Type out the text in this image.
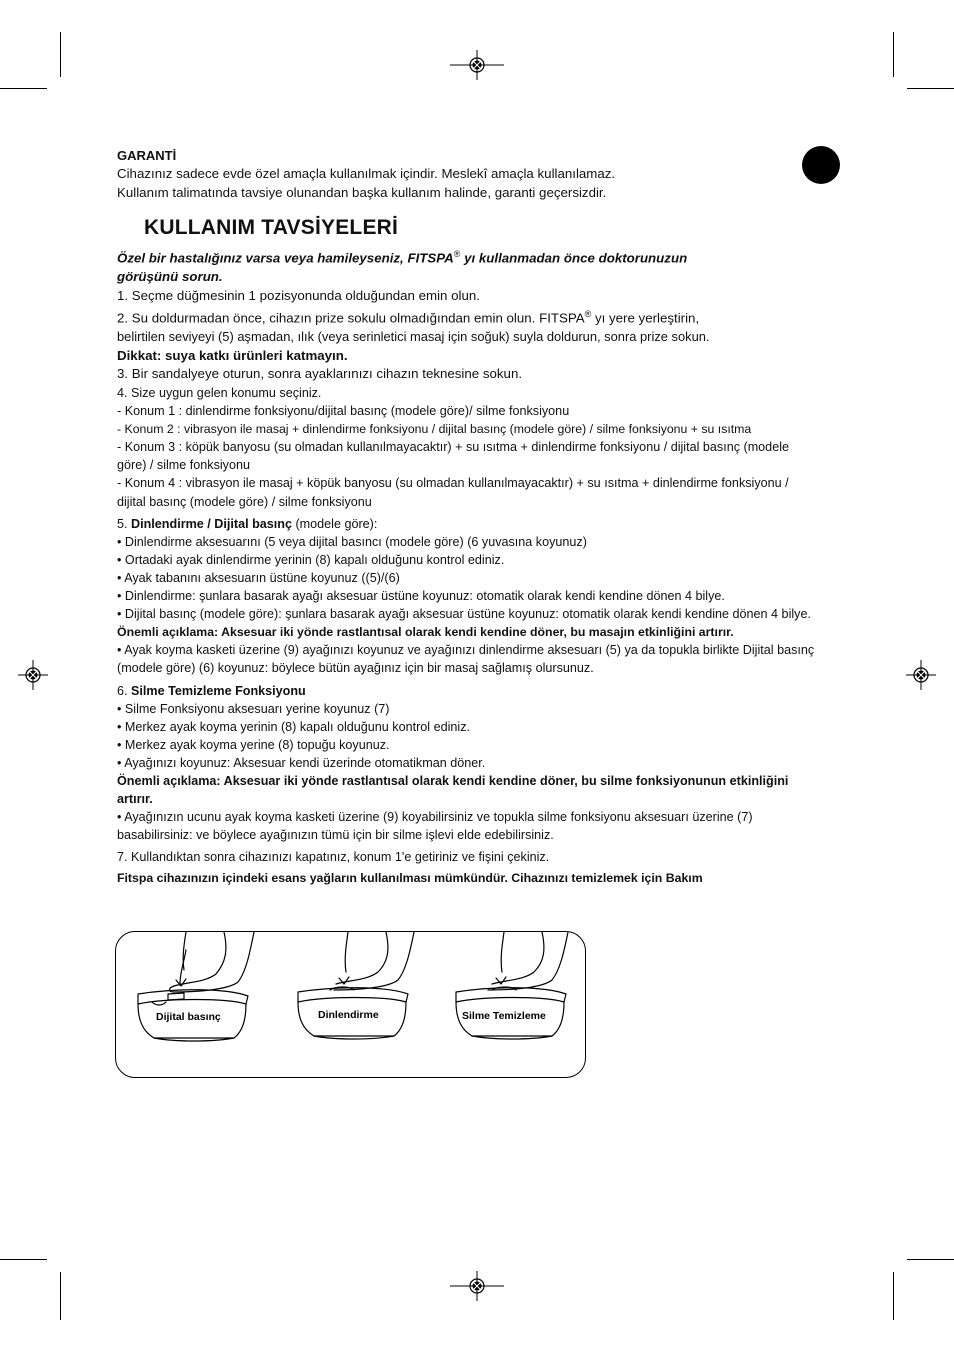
GARANTİ

Cihazınız sadece evde özel amaçla kullanılmak içindir. Meslekî amaçla kullanılamaz.

Kullanım talimatında tavsiye olunandan başka kullanım halinde, garanti geçersizdir.

KULLANIM TAVSİYELERİ

Özel bir hastalığınız varsa veya hamileyseniz, FITSPA® yı kullanmadan önce doktorunuzun

görüşünü sorun.

1. Seçme düğmesinin 1 pozisyonunda olduğundan emin olun.

2. Su doldurmadan önce, cihazın prize sokulu olmadığından emin olun. FITSPA® yı yere yerleştirin,

belirtilen seviyeyi (5) aşmadan, ılık (veya serinletici masaj için soğuk) suyla doldurun, sonra prize sokun.

Dikkat: suya katkı ürünleri katmayın.

3. Bir sandalyeye oturun, sonra ayaklarınızı cihazın teknesine sokun.

4. Size uygun gelen konumu seçiniz.

- Konum 1 : dinlendirme fonksiyonu/dijital basınç (modele göre)/ silme fonksiyonu

- Konum 2 : vibrasyon ile masaj + dinlendirme fonksiyonu / dijital basınç (modele göre) / silme fonksiyonu + su ısıtma

- Konum 3 : köpük banyosu (su olmadan kullanılmayacaktır) + su ısıtma + dinlendirme fonksiyonu / dijital basınç (modele göre) / silme fonksiyonu

- Konum 4 : vibrasyon ile masaj + köpük banyosu (su olmadan kullanılmayacaktır) + su ısıtma + dinlendirme fonksiyonu / dijital basınç (modele göre) / silme fonksiyonu

5. Dinlendirme / Dijital basınç (modele göre):

• Dinlendirme aksesuarını (5 veya dijital basıncı (modele göre) (6 yuvasına koyunuz)

• Ortadaki ayak dinlendirme yerinin (8) kapalı olduğunu kontrol ediniz.

• Ayak tabanını aksesuarın üstüne koyunuz ((5)/(6)

• Dinlendirme: şunlara basarak ayağı aksesuar üstüne koyunuz: otomatik olarak kendi kendine dönen 4 bilye.

• Dijital basınç (modele göre): şunlara basarak ayağı aksesuar üstüne koyunuz: otomatik olarak kendi kendine dönen 4 bilye.

Önemli açıklama: Aksesuar iki yönde rastlantısal olarak kendi kendine döner, bu masajın etkinliğini artırır.

• Ayak koyma kasketi üzerine (9) ayağınızı koyunuz ve ayağınızı dinlendirme aksesuarı (5) ya da topukla birlikte Dijital basınç (modele göre) (6) koyunuz: böylece bütün ayağınız için bir masaj sağlamış olursunuz.

6. Silme Temizleme Fonksiyonu

• Silme Fonksiyonu aksesuarı yerine koyunuz (7)

• Merkez ayak koyma yerinin (8) kapalı olduğunu kontrol ediniz.

• Merkez ayak koyma yerine (8) topuğu koyunuz.

• Ayağınızı koyunuz: Aksesuar kendi üzerinde otomatikman döner.

Önemli açıklama: Aksesuar iki yönde rastlantısal olarak kendi kendine döner, bu silme fonksiyonunun etkinliğini artırır.

• Ayağınızın ucunu ayak koyma kasketi üzerine (9) koyabilirsiniz ve topukla silme fonksiyonu aksesuarı üzerine (7) basabilirsiniz: ve böylece ayağınızın tümü için bir silme işlevi elde edebilirsiniz.

7. Kullandıktan sonra cihazınızı kapatınız, konum 1'e getiriniz ve fişini çekiniz.

Fitspa cihazınızın içindeki esans yağların kullanılması mümkündür. Cihazınızı temizlemek için Bakım

Dijital basınç	Dinlendirme	Silme Temizleme
